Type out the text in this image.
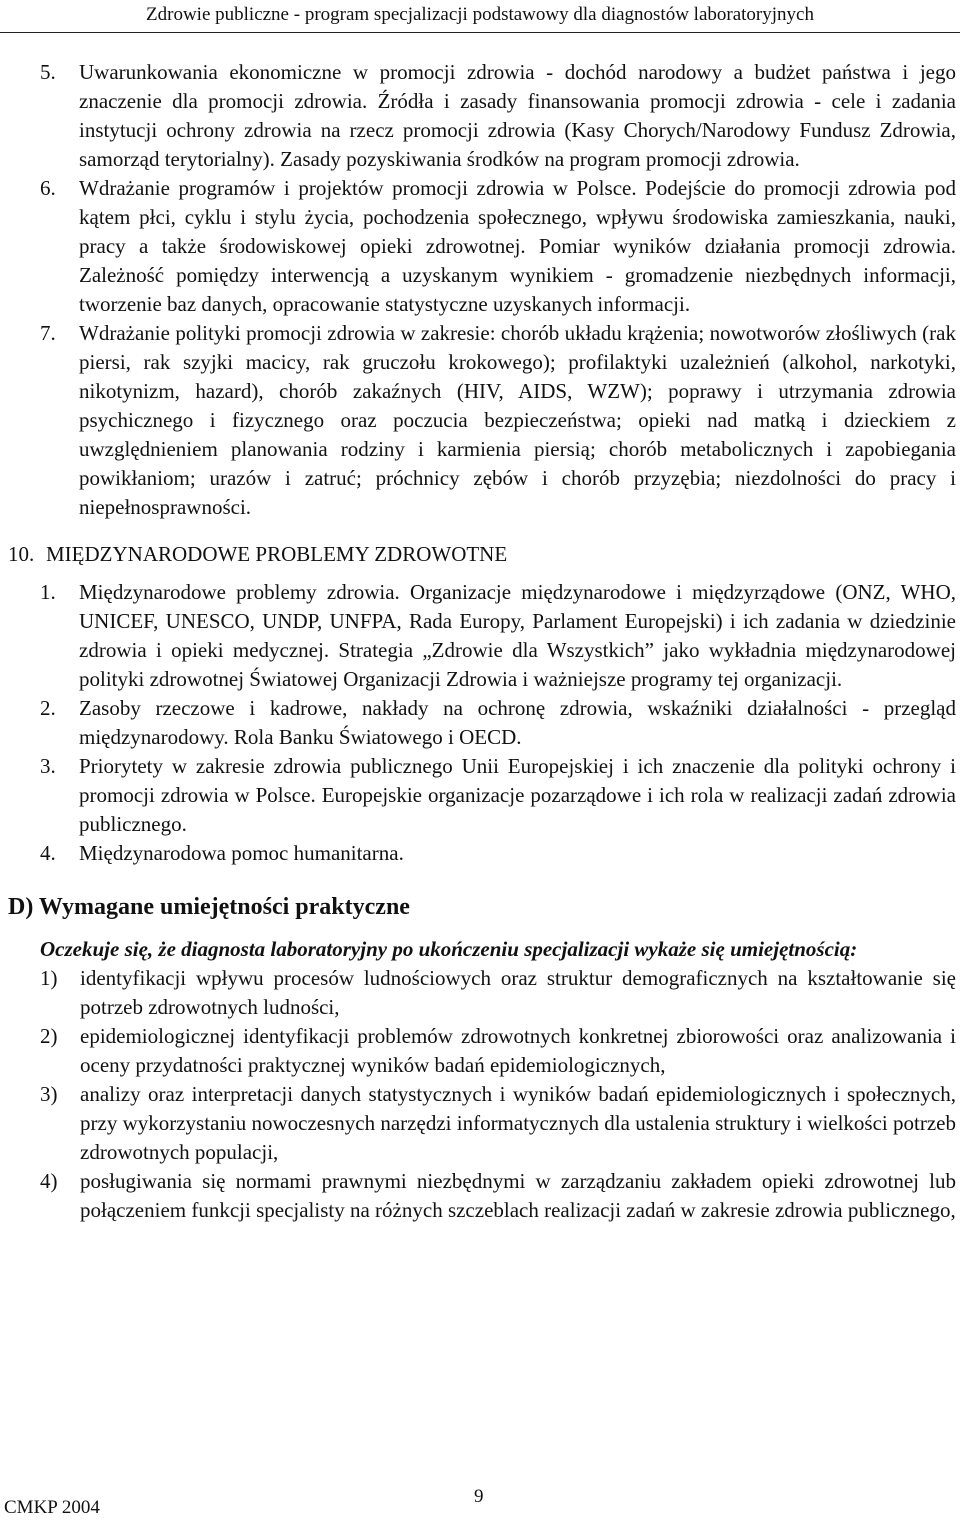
Zdrowie publiczne - program specjalizacji podstawowy dla diagnostów laboratoryjnych
5.	Uwarunkowania ekonomiczne w promocji zdrowia - dochód narodowy a budżet państwa i jego znaczenie dla promocji zdrowia. Źródła i zasady finansowania promocji zdrowia - cele i zadania instytucji ochrony zdrowia na rzecz promocji zdrowia (Kasy Chorych/Narodowy Fundusz Zdrowia, samorząd terytorialny). Zasady pozyskiwania środków na program promocji zdrowia.
6.	Wdrażanie programów i projektów promocji zdrowia w Polsce. Podejście do promocji zdrowia pod kątem płci, cyklu i stylu życia, pochodzenia społecznego, wpływu środowiska zamieszkania, nauki, pracy a także środowiskowej opieki zdrowotnej. Pomiar wyników działania promocji zdrowia. Zależność pomiędzy interwencją a uzyskanym wynikiem - gromadzenie niezbędnych informacji, tworzenie baz danych, opracowanie statystyczne uzyskanych informacji.
7.	Wdrażanie polityki promocji zdrowia w zakresie: chorób układu krążenia; nowotworów złośliwych (rak piersi, rak szyjki macicy, rak gruczołu krokowego); profilaktyki uzależnień (alkohol, narkotyki, nikotynizm, hazard), chorób zakaźnych (HIV, AIDS, WZW); poprawy i utrzymania zdrowia psychicznego i fizycznego oraz poczucia bezpieczeństwa; opieki nad matką i dzieckiem z uwzględnieniem planowania rodziny i karmienia piersią; chorób metabolicznych i zapobiegania powikłaniom; urazów i zatruć; próchnicy zębów i chorób przyzębia; niezdolności do pracy i niepełnosprawności.
10. MIĘDZYNARODOWE PROBLEMY ZDROWOTNE
1.	Międzynarodowe problemy zdrowia. Organizacje międzynarodowe i międzyrządowe (ONZ, WHO, UNICEF, UNESCO, UNDP, UNFPA, Rada Europy, Parlament Europejski) i ich zadania w dziedzinie zdrowia i opieki medycznej. Strategia „Zdrowie dla Wszystkich” jako wykładnia międzynarodowej polityki zdrowotnej Światowej Organizacji Zdrowia i ważniejsze programy tej organizacji.
2.	Zasoby rzeczowe i kadrowe, nakłady na ochronę zdrowia, wskaźniki działalności - przegląd międzynarodowy. Rola Banku Światowego i OECD.
3.	Priorytety w zakresie zdrowia publicznego Unii Europejskiej i ich znaczenie dla polityki ochrony i promocji zdrowia w Polsce. Europejskie organizacje pozarządowe i ich rola w realizacji zadań zdrowia publicznego.
4.	Międzynarodowa pomoc humanitarna.
D) Wymagane umiejętności praktyczne
Oczekuje się, że diagnosta laboratoryjny po ukończeniu specjalizacji wykaże się umiejętnością:
1)	identyfikacji wpływu procesów ludnościowych oraz struktur demograficznych na kształtowanie się potrzeb zdrowotnych ludności,
2)	epidemiologicznej identyfikacji problemów zdrowotnych konkretnej zbiorowości oraz analizowania i oceny przydatności praktycznej wyników badań epidemiologicznych,
3)	analizy oraz interpretacji danych statystycznych i wyników badań epidemiologicznych i społecznych, przy wykorzystaniu nowoczesnych narzędzi informatycznych dla ustalenia struktury i wielkości potrzeb zdrowotnych populacji,
4)	posługiwania się normami prawnymi niezbędnymi w zarządzaniu zakładem opieki zdrowotnej lub połączeniem funkcji specjalisty na różnych szczeblach realizacji zadań w zakresie zdrowia publicznego,
CMKP 2004
9
